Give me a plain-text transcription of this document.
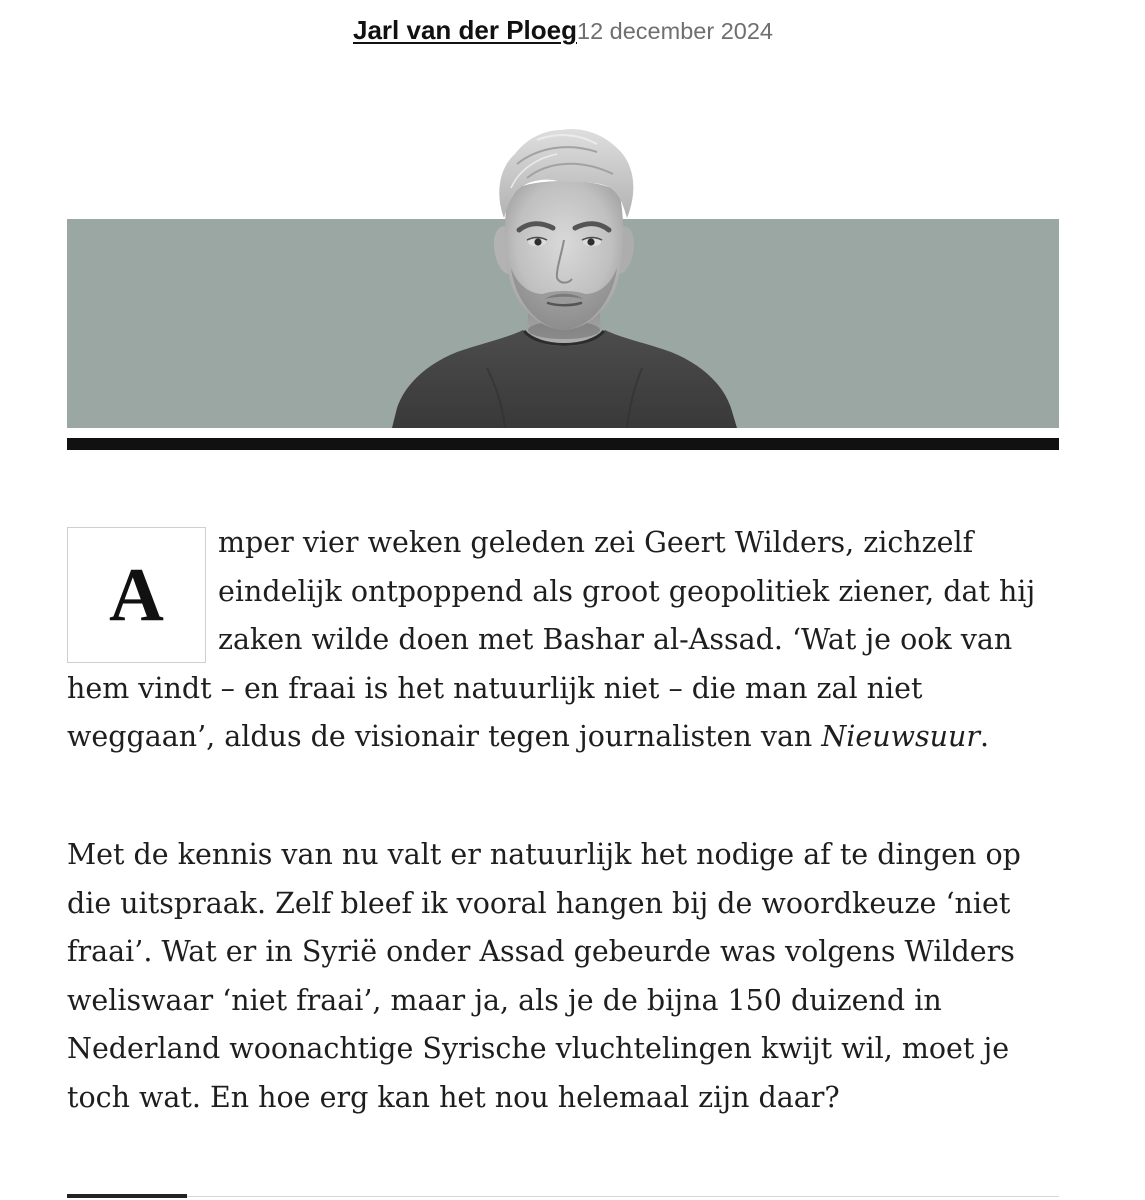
Jarl van der Ploeg12 december 2024
A
mper vier weken geleden zei Geert Wilders, zichzelf
eindelijk ontpoppend als groot geopolitiek ziener, dat hij
zaken wilde doen met Bashar al-Assad. ‘Wat je ook van
hem vindt – en fraai is het natuurlijk niet – die man zal niet
weggaan’, aldus de visionair tegen journalisten van Nieuwsuur.
Met de kennis van nu valt er natuurlijk het nodige af te dingen op
die uitspraak. Zelf bleef ik vooral hangen bij de woordkeuze ‘niet
fraai’. Wat er in Syrië onder Assad gebeurde was volgens Wilders
weliswaar ‘niet fraai’, maar ja, als je de bijna 150 duizend in
Nederland woonachtige Syrische vluchtelingen kwijt wil, moet je
toch wat. En hoe erg kan het nou helemaal zijn daar?
